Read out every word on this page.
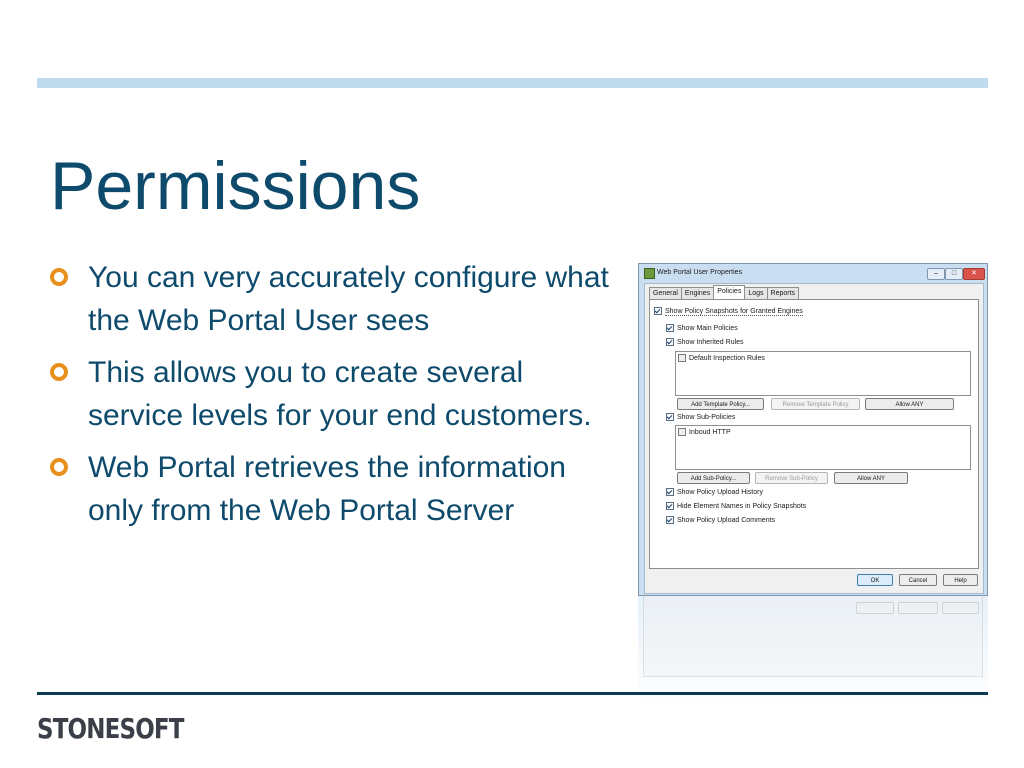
Permissions
You can very accurately configure what the Web Portal User sees
This allows you to create several service levels for your end customers.
Web Portal retrieves the information only from the Web Portal Server
Web Portal User Properties	–	□	✕
General	Engines	Policies	Logs	Reports
Show Policy Snapshots for Granted Engines
Show Main Policies
Show Inherited Rules
Default Inspection Rules
Add Template Policy...	Remove Template Policy	Allow ANY
Show Sub-Policies
Inboud HTTP
Add Sub-Policy...	Remove Sub-Policy	Allow ANY
Show Policy Upload History
Hide Element Names in Policy Snapshots
Show Policy Upload Comments
OK	Cancel	Help
STONESOFT
